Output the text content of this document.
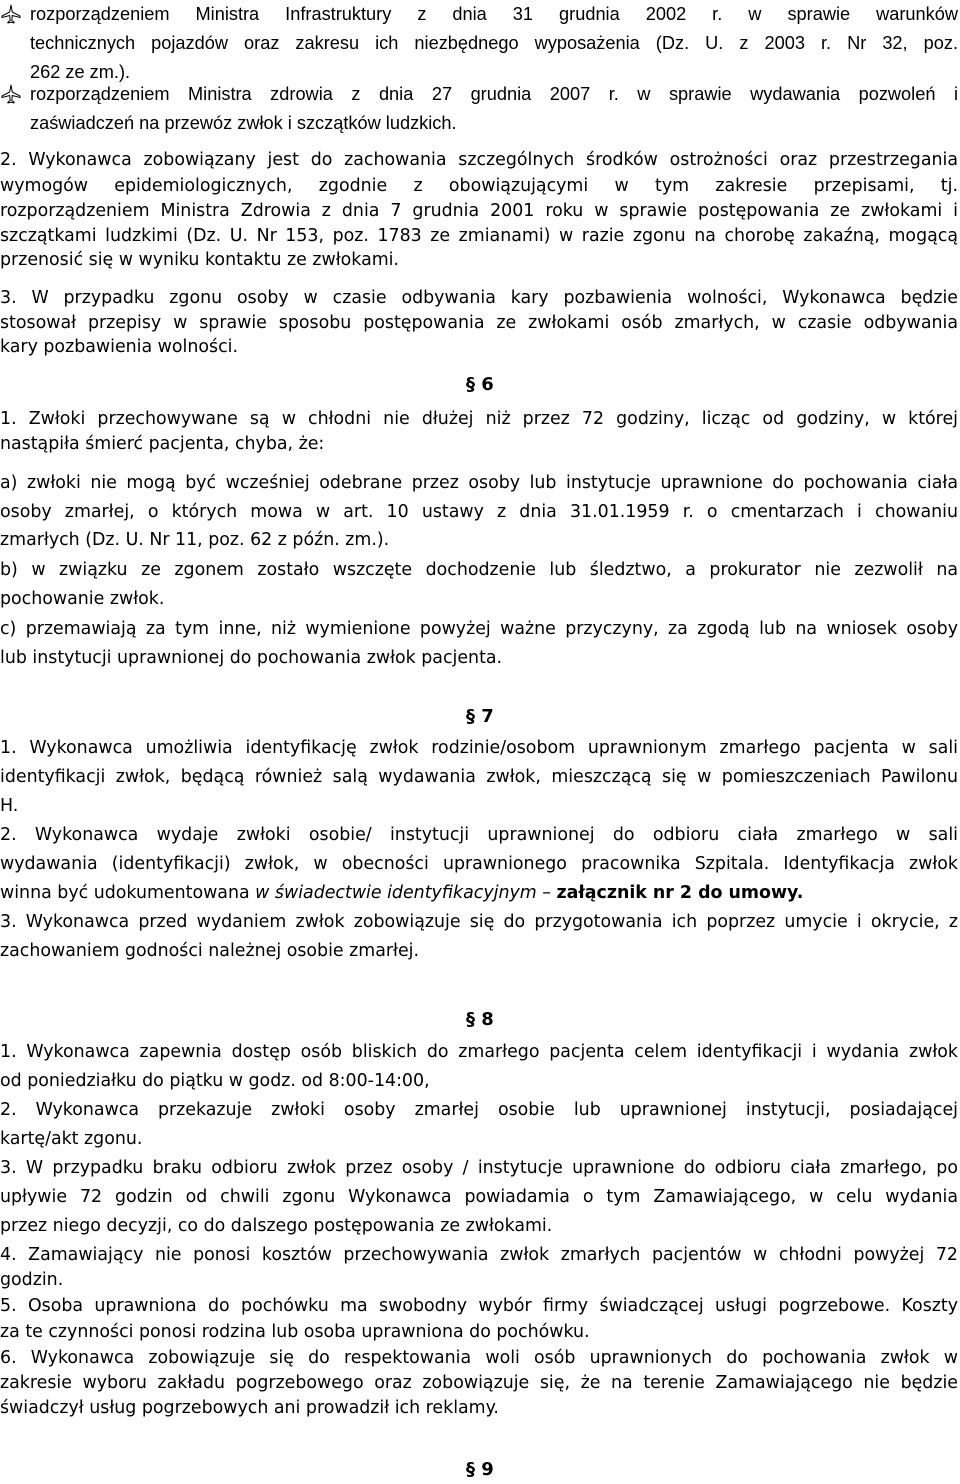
rozporządzeniem Ministra Infrastruktury z dnia 31 grudnia 2002 r. w sprawie warunków
technicznych pojazdów oraz zakresu ich niezbędnego wyposażenia (Dz. U. z 2003 r. Nr 32, poz.
262 ze zm.).
rozporządzeniem Ministra zdrowia z dnia 27 grudnia 2007 r. w sprawie wydawania pozwoleń i
zaświadczeń na przewóz zwłok i szczątków ludzkich.

2. Wykonawca zobowiązany jest do zachowania szczególnych środków ostrożności oraz przestrzegania

wymogów epidemiologicznych, zgodnie z obowiązującymi w tym zakresie przepisami, tj.

rozporządzeniem Ministra Zdrowia z dnia 7 grudnia 2001 roku w sprawie postępowania ze zwłokami i

szczątkami ludzkimi (Dz. U. Nr 153, poz. 1783 ze zmianami) w razie zgonu na chorobę zakaźną, mogącą

przenosić się w wyniku kontaktu ze zwłokami.

3. W przypadku zgonu osoby w czasie odbywania kary pozbawienia wolności, Wykonawca będzie

stosował przepisy w sprawie sposobu postępowania ze zwłokami osób zmarłych, w czasie odbywania

kary pozbawienia wolności.

§ 6

1. Zwłoki przechowywane są w chłodni nie dłużej niż przez 72 godziny, licząc od godziny, w której

nastąpiła śmierć pacjenta, chyba, że:

a) zwłoki nie mogą być wcześniej odebrane przez osoby lub instytucje uprawnione do pochowania ciała

osoby zmarłej, o których mowa w art. 10 ustawy z dnia 31.01.1959 r. o cmentarzach i chowaniu

zmarłych (Dz. U. Nr 11, poz. 62 z późn. zm.).

b) w związku ze zgonem zostało wszczęte dochodzenie lub śledztwo, a prokurator nie zezwolił na

pochowanie zwłok.

c) przemawiają za tym inne, niż wymienione powyżej ważne przyczyny, za zgodą lub na wniosek osoby

lub instytucji uprawnionej do pochowania zwłok pacjenta.

§ 7

1. Wykonawca umożliwia identyfikację zwłok rodzinie/osobom uprawnionym zmarłego pacjenta w sali

identyfikacji zwłok, będącą również salą wydawania zwłok, mieszczącą się w pomieszczeniach Pawilonu

H.

2. Wykonawca wydaje zwłoki osobie/ instytucji uprawnionej do odbioru ciała zmarłego w sali

wydawania (identyfikacji) zwłok, w obecności uprawnionego pracownika Szpitala. Identyfikacja zwłok

winna być udokumentowana w świadectwie identyfikacyjnym – załącznik nr 2 do umowy.

3. Wykonawca przed wydaniem zwłok zobowiązuje się do przygotowania ich poprzez umycie i okrycie, z

zachowaniem godności należnej osobie zmarłej.

§ 8

1. Wykonawca zapewnia dostęp osób bliskich do zmarłego pacjenta celem identyfikacji i wydania zwłok

od poniedziałku do piątku w godz. od 8:00-14:00,

2. Wykonawca przekazuje zwłoki osoby zmarłej osobie lub uprawnionej instytucji, posiadającej

kartę/akt zgonu.

3. W przypadku braku odbioru zwłok przez osoby / instytucje uprawnione do odbioru ciała zmarłego, po

upływie 72 godzin od chwili zgonu Wykonawca powiadamia o tym Zamawiającego, w celu wydania

przez niego decyzji, co do dalszego postępowania ze zwłokami.

4. Zamawiający nie ponosi kosztów przechowywania zwłok zmarłych pacjentów w chłodni powyżej 72

godzin.

5. Osoba uprawniona do pochówku ma swobodny wybór firmy świadczącej usługi pogrzebowe. Koszty

za te czynności ponosi rodzina lub osoba uprawniona do pochówku.

6. Wykonawca zobowiązuje się do respektowania woli osób uprawnionych do pochowania zwłok w

zakresie wyboru zakładu pogrzebowego oraz zobowiązuje się, że na terenie Zamawiającego nie będzie

świadczył usług pogrzebowych ani prowadził ich reklamy.

§ 9
